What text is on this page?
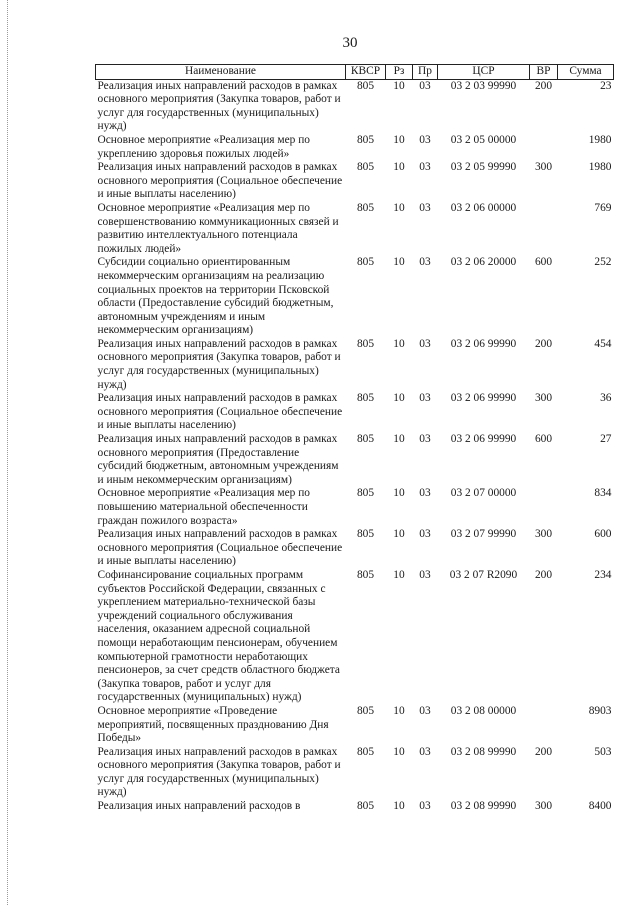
30
Наименование	КВСР	Рз	Пр	ЦСР	ВР	Сумма
Реализация иных направлений расходов в рамках основного мероприятия (Закупка товаров, работ и услуг для государственных (муниципальных) нужд)	805	10	03	03 2 03 99990	200	23
Основное мероприятие «Реализация мер по укреплению здоровья пожилых людей»	805	10	03	03 2 05 00000		1980
Реализация иных направлений расходов в рамках основного мероприятия (Социальное обеспечение и иные выплаты населению)	805	10	03	03 2 05 99990	300	1980
Основное мероприятие «Реализация мер по совершенствованию коммуникационных связей и развитию интеллектуального потенциала пожилых людей»	805	10	03	03 2 06 00000		769
Субсидии социально ориентированным некоммерческим организациям на реализацию социальных проектов на территории Псковской области (Предоставление субсидий бюджетным, автономным учреждениям и иным некоммерческим организациям)	805	10	03	03 2 06 20000	600	252
Реализация иных направлений расходов в рамках основного мероприятия (Закупка товаров, работ и услуг для государственных (муниципальных) нужд)	805	10	03	03 2 06 99990	200	454
Реализация иных направлений расходов в рамках основного мероприятия (Социальное обеспечение и иные выплаты населению)	805	10	03	03 2 06 99990	300	36
Реализация иных направлений расходов в рамках основного мероприятия (Предоставление субсидий бюджетным, автономным учреждениям и иным некоммерческим организациям)	805	10	03	03 2 06 99990	600	27
Основное мероприятие «Реализация мер по повышению материальной обеспеченности граждан пожилого возраста»	805	10	03	03 2 07 00000		834
Реализация иных направлений расходов в рамках основного мероприятия (Социальное обеспечение и иные выплаты населению)	805	10	03	03 2 07 99990	300	600
Софинансирование социальных программ субъектов Российской Федерации, связанных с укреплением материально-технической базы учреждений социального обслуживания населения, оказанием адресной социальной помощи неработающим пенсионерам, обучением компьютерной грамотности неработающих пенсионеров, за счет средств областного бюджета (Закупка товаров, работ и услуг для государственных (муниципальных) нужд)	805	10	03	03 2 07 R2090	200	234
Основное мероприятие «Проведение мероприятий, посвященных празднованию Дня Победы»	805	10	03	03 2 08 00000		8903
Реализация иных направлений расходов в рамках основного мероприятия (Закупка товаров, работ и услуг для государственных (муниципальных) нужд)	805	10	03	03 2 08 99990	200	503
Реализация иных направлений расходов в	805	10	03	03 2 08 99990	300	8400
